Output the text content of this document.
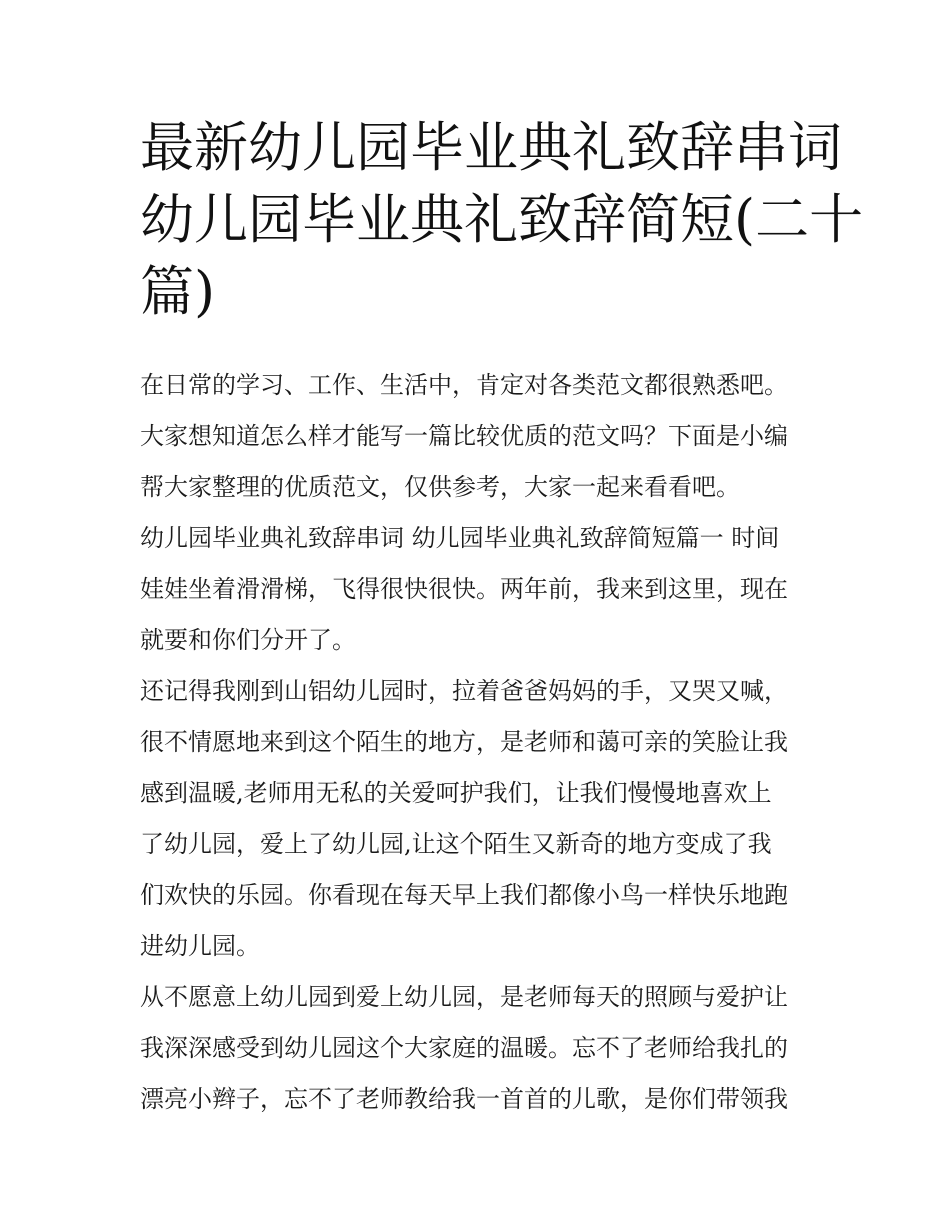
最新幼儿园毕业典礼致辞串词
幼儿园毕业典礼致辞简短(二十
篇)

在日常的学习、工作、生活中，肯定对各类范文都很熟悉吧。
大家想知道怎么样才能写一篇比较优质的范文吗？下面是小编
帮大家整理的优质范文，仅供参考，大家一起来看看吧。

幼儿园毕业典礼致辞串词 幼儿园毕业典礼致辞简短篇一 时间
娃娃坐着滑滑梯，飞得很快很快。两年前，我来到这里，现在
就要和你们分开了。

还记得我刚到山铝幼儿园时，拉着爸爸妈妈的手，又哭又喊，
很不情愿地来到这个陌生的地方，是老师和蔼可亲的笑脸让我
感到温暖,老师用无私的关爱呵护我们，让我们慢慢地喜欢上
了幼儿园，爱上了幼儿园,让这个陌生又新奇的地方变成了我
们欢快的乐园。你看现在每天早上我们都像小鸟一样快乐地跑
进幼儿园。

从不愿意上幼儿园到爱上幼儿园，是老师每天的照顾与爱护让
我深深感受到幼儿园这个大家庭的温暖。忘不了老师给我扎的
漂亮小辫子，忘不了老师教给我一首首的儿歌，是你们带领我
